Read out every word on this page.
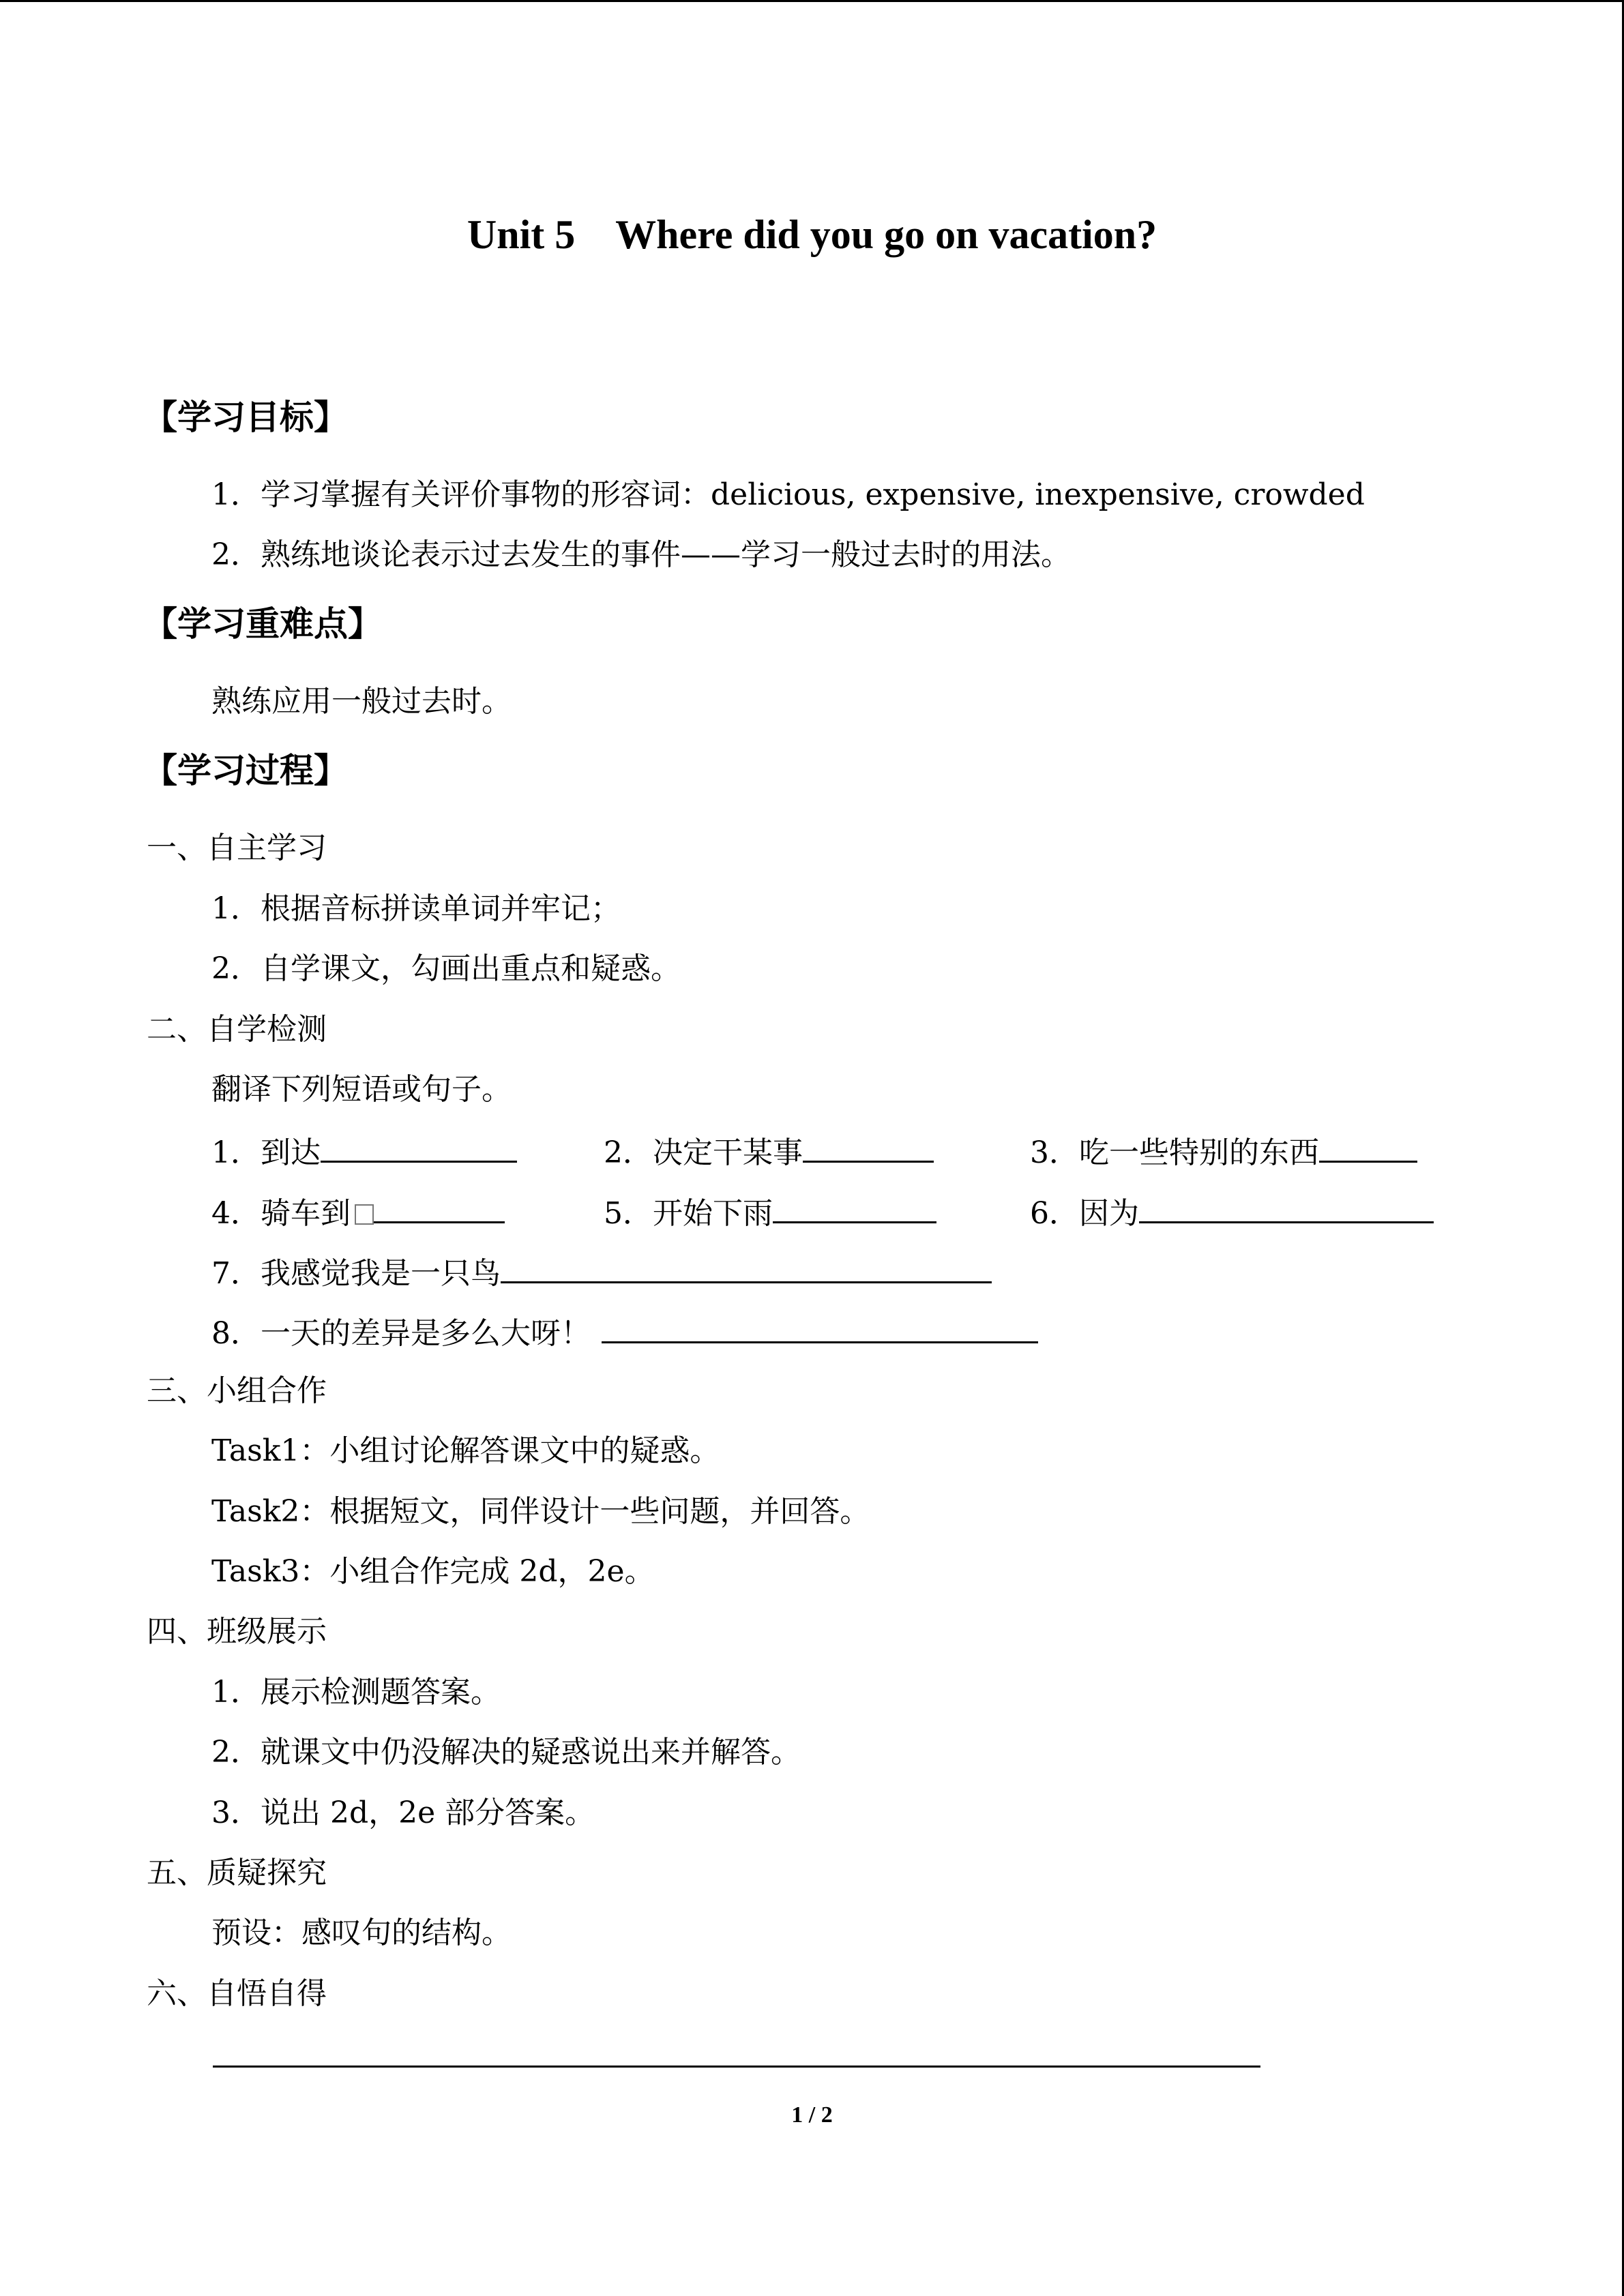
Unit 5    Where did you go on vacation?
【学习目标】
1．学习掌握有关评价事物的形容词：delicious, expensive, inexpensive, crowded
2．熟练地谈论表示过去发生的事件——学习一般过去时的用法。
【学习重难点】
熟练应用一般过去时。
【学习过程】
一、自主学习
1．根据音标拼读单词并牢记；
2．自学课文，勾画出重点和疑惑。
二、自学检测
翻译下列短语或句子。
1．到达	2．决定干某事	3．吃一些特别的东西
4．骑车到	5．开始下雨	6．因为
7．我感觉我是一只鸟
8．一天的差异是多么大呀！
三、小组合作
Task1：小组讨论解答课文中的疑惑。
Task2：根据短文，同伴设计一些问题，并回答。
Task3：小组合作完成 2d，2e。
四、班级展示
1．展示检测题答案。
2．就课文中仍没解决的疑惑说出来并解答。
3．说出 2d，2e 部分答案。
五、质疑探究
预设：感叹句的结构。
六、自悟自得
1 / 2
